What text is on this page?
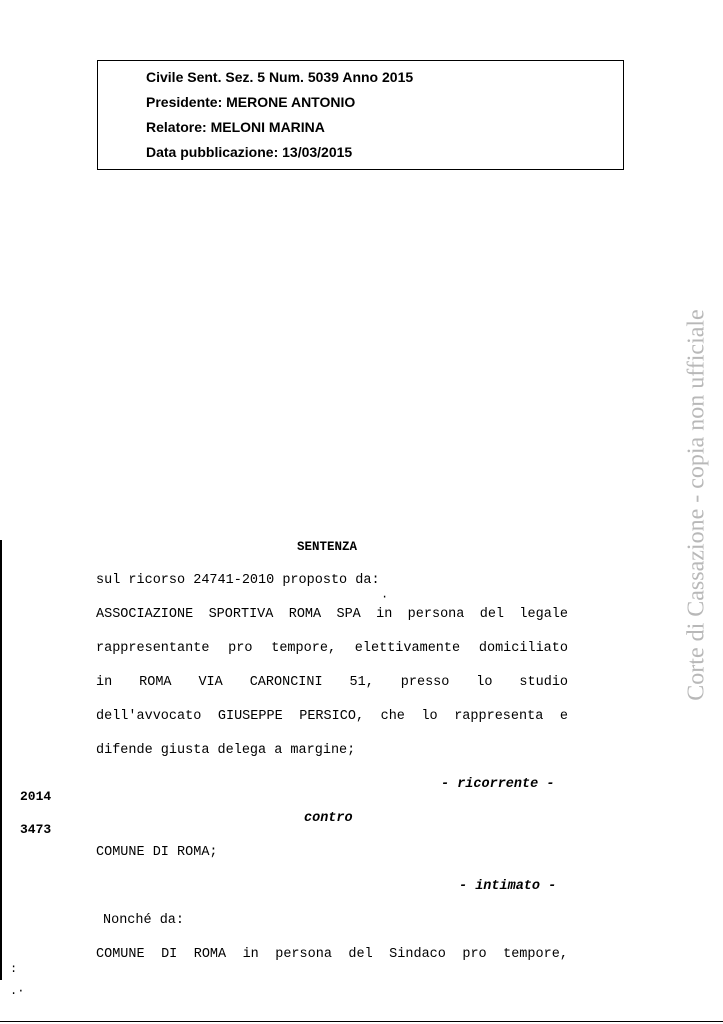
Civile Sent. Sez. 5 Num. 5039 Anno 2015
Presidente: MERONE ANTONIO
Relatore: MELONI MARINA
Data pubblicazione: 13/03/2015
Corte di Cassazione - copia non ufficiale
SENTENZA
sul ricorso 24741-2010 proposto da:
·
ASSOCIAZIONE SPORTIVA ROMA SPA in persona del legale
rappresentante pro tempore, elettivamente domiciliato
in ROMA VIA CARONCINI 51, presso lo studio
dell'avvocato GIUSEPPE PERSICO, che lo rappresenta e
difende giusta delega a margine;
- ricorrente -
2014
3473
contro
COMUNE DI ROMA;
- intimato -
Nonché da:
COMUNE DI ROMA in persona del Sindaco pro tempore,
:
.·
